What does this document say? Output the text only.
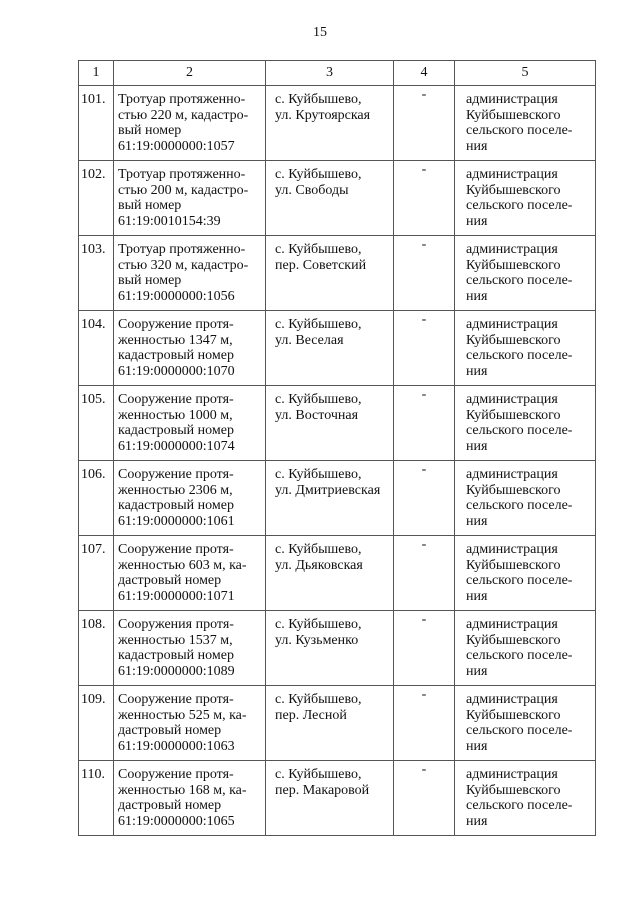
15
1	2	3	4	5
101.	Тротуар протяженно-
стью 220 м, кадастро-
вый номер
61:19:0000000:1057	с. Куйбышево,
ул. Крутоярская	-	администрация
Куйбышевского
сельского поселе-
ния
102.	Тротуар протяженно-
стью 200 м, кадастро-
вый номер
61:19:0010154:39	с. Куйбышево,
ул. Свободы	-	администрация
Куйбышевского
сельского поселе-
ния
103.	Тротуар протяженно-
стью 320 м, кадастро-
вый номер
61:19:0000000:1056	с. Куйбышево,
пер. Советский	-	администрация
Куйбышевского
сельского поселе-
ния
104.	Сооружение протя-
женностью 1347 м,
кадастровый номер
61:19:0000000:1070	с. Куйбышево,
ул. Веселая	-	администрация
Куйбышевского
сельского поселе-
ния
105.	Сооружение протя-
женностью 1000 м,
кадастровый номер
61:19:0000000:1074	с. Куйбышево,
ул. Восточная	-	администрация
Куйбышевского
сельского поселе-
ния
106.	Сооружение протя-
женностью 2306 м,
кадастровый номер
61:19:0000000:1061	с. Куйбышево,
ул. Дмитриевская	-	администрация
Куйбышевского
сельского поселе-
ния
107.	Сооружение протя-
женностью 603 м, ка-
дастровый номер
61:19:0000000:1071	с. Куйбышево,
ул. Дьяковская	-	администрация
Куйбышевского
сельского поселе-
ния
108.	Сооружения протя-
женностью 1537 м,
кадастровый номер
61:19:0000000:1089	с. Куйбышево,
ул. Кузьменко	-	администрация
Куйбышевского
сельского поселе-
ния
109.	Сооружение протя-
женностью 525 м, ка-
дастровый номер
61:19:0000000:1063	с. Куйбышево,
пер. Лесной	-	администрация
Куйбышевского
сельского поселе-
ния
110.	Сооружение протя-
женностью 168 м, ка-
дастровый номер
61:19:0000000:1065	с. Куйбышево,
пер. Макаровой	-	администрация
Куйбышевского
сельского поселе-
ния
